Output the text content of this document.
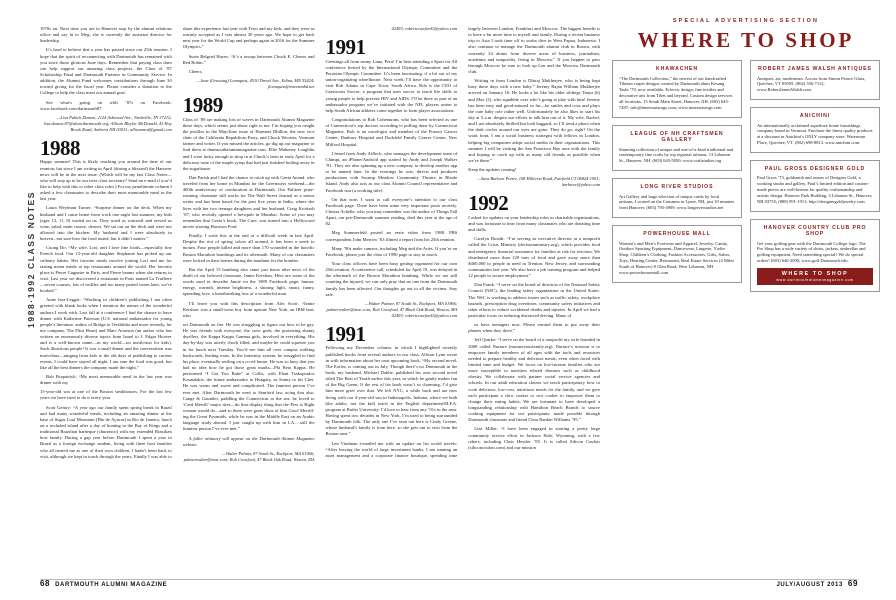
1988·1992 CLASS NOTES

1970s on. Next time you are in Hanover stop by the alumni relations office and say hi to Meg; she is currently the assistant director for leadership.

It’s hard to believe that a year has passed since our 25th reunion. I hope that the spirit of reconnecting with Dartmouth has remained with you since those glorious June days. Remember that paying class dues can help support our amazing class projects, the Class of ’87 Scholarship Fund and Dartmouth Partners in Community Service. In addition, the Alumni Fund welcomes contributions through June 30 toward giving for the fiscal year. Please consider a donation to the College to help the class meet our annual goal.

See what’s going on with ’87s on Facebook: www.facebook.com/dartmouth87.

—Lisa Pukich Damon, 2124 Ashwood Ave., Nashville, TN 37212; lisa.damon.87@alum.dartmouth.org; Allison Bleyler McDonald, 43 Hoy Brook Road, Amherst NH 03031; allisonmcd@gmail.com

1988

Happy summer! This is likely reaching you around the time of our reunion, but since I am writing in April (during a blizzard) the Hanover news will be in the next issue. (Which will be my last Class Notes—who will step up to be our next class secretary? Send an e-mail if you’d like to help with this or other class roles.) For my penultimate column I asked a few classmates to describe their most memorable meal in the last year.

Laura Weylman Turner: “Surprise dinner on the deck. When my husband and I came home from work one night last summer, my kids (ages 13, 11, 8) waited on us. They acted as waitstaff and served us wine, salad, main course, dessert. We sat out on the deck and were not allowed into the kitchen. My husband and I were absolutely in heaven...not sure how the food tasted, but it didn’t matter.”

Cuong Do: “My wife, Lori, and I love fine foods—especially fine French food. Our 13-year-old daughter Stephanie has picked up our culinary habits. Her favorite meals involve joining Lori and me for tasting menu meals at top restaurants around the world. Her favorite place is Pierre Gagnaire in Paris, and Pierre beams when she returns to visit. Last year we discovered a restaurant in Paris named La Truffiere—seven courses, lots of truffles and too many paired wines later, we’re hooked.”

Anne Irza-Leggat: “Working in children’s publishing I am often greeted with blank looks when I mention the names of the wonderful authors I work with. Last fall at a conference I had the chance to have dinner with Katherine Paterson (U.S. national ambassador for young people’s literature, author of Bridge to Terabithia and more recently, for my company, The Flint Heart) and Marc Aronson (an author who has written on enormously diverse topics from Israel to J. Edgar Hoover and is a well-known name—in my world—on nonfiction for kids). Such illustrious people! It was a small dinner and the conversation was marvelous—ranging from kids to the old days of publishing to current events. I could have stayed all night. I am sure the food was good, but like all the best dinners the company made the night.”

Bob Fitzpatrick: “My most memorable meal in the last year was dinner with my

15-year-old son at one of the Boston steakhouses. For the last few years we have tried to do it every year.

Scott Gentry: “A year ago our family spent spring break in Brazil and had many wonderful meals, including an amazing dinner at the base of Sugar Loaf Mountain (Pão de Açúcar) in Rio de Janeiro, lunch on a secluded island after a day of boating in the Bay of Kings and a traditional Brazilian barbeque (churrasco) with my extended Brazilian host family. During a gap year before Dartmouth I spent a year in Brazil as a foreign exchange student, living with three host families who all treated me as one of their own children. I hadn’t been back to visit, although we kept in touch through the years. Finally I was able to share this experience last year with Traci and my kids, and they were as warmly accepted as I was almost 30 years ago. We hope to get back next year for the World Cup and perhaps again in 2016 for the Summer Olympics.”

Susie Belgrad Hayes: “It’s a tossup between Chuck E. Cheese and Red Robin.”

Cheers.

—Jane (Grussing) Lonnquist, 4510 Dresel Ave., Edina, MN 55424; jlonnquist@mwestmbd.net

1989

Class of ’89 are making lots of waves in Dartmouth Alumni Magazine these days, which seems just about right to me. I’m hoping you caught the profiles in the May/June issue of Harmeet Dhillon, the new vice chair of the California Republican Party, and Chuck Wooster, Vermont farmer and writer. If you missed the articles, go dig up our magazine or find them at dartmouthalumnimagazine.com. Ellie Mahoney Loughlin and I were lucky enough to drop in at Chuck’s farm in early April for a delicious taste of the maple syrup that had just finished boiling away in the sugarhouse.

Dan Parish and I had the chance to catch up with Geeta Anand, who traveled from her home in Mumbai for the Greenways weekend—the 400th anniversary of coeducation at Dartmouth. Our Pulitzer prize-winning classmate still works for The Wall Street Journal as a senior writer and has been based for the past five years in India, where she lives with her two teenage daughters and her husband, Craig Kroitzsh ’87, who recently opened a brewpub in Mumbai. Some of you may remember that Geeta’s book, The Cure, was turned into a Hollywood movie starring Harrison Ford.

Finally, I write this at the end of a difficult week in late April. Despite the riot of spring colors all around, it has been a week to mourn. Four people killed and more than 170 wounded in the horrific Boston Marathon bombings and its aftermath. Many of our classmates were locked in their homes during the manhunt for the bomber.

But the April 15 bombing also came just hours after news of the death of our beloved classmate, Jamie Kershaw. Here are some of the words used to describe Jamie on the 1989 Facebook page: humor, energy, warmth, intense brightness, a shining light, smart, funny, spreading love, a heartbreaking loss of a wonderful man.

I’ll leave you with this description from Alec Scott: “Jamie Kershaw was a small-town boy from upstate New York, an IBM brat, who

set Dartmouth on fire. He was struggling to figure out how to be gay. He was friends with everyone, the crew gods, the protesting shanty dwellers, the Kappa Kappa Gamma girls, involved in everything. His day-by-day was utterly chock filled, and maybe he could squeeze you in for lunch next Tuesday. You’d see him all over campus walking backwards, leading tours. In the fraternity system, he struggled to find his place, eventually settling on a co-ed house. He was so busy that you had no idea how he got those great marks—Phi Beta Kappa. He performed “I Got You Babe” at Collis, with Eleni Tsakopoulos Kounalakis, the future ambassador to Hungary, as Sonny to his Cher. He was warm and sweet and complicated. The funniest person I’ve ever met. After Dartmouth he went to Stanford law, acing that also. Cange & Gauntlet, paddling the Connecticut to the sea, he loved to ‘Card Merrill’ major rites—do that display thing that the Pres is Right woman would do—and so there were great shots of him Carol Merrill-ing the Great Pyramids, while he was in the Middle East on an Arabic language study abroad. I just caught up with him in LA.....still the funniest person I’ve ever met.”

A fuller obituary will appear on the Dartmouth Alumni Magazine website.

—Walter Palmer, 87 South St., Rockport, MA 01966; palmerwalter@mac.com; Rob Crawford, 47 Black Oak Road, Weston, MA 02493; robertcrawford1@yahoo.com

1991

Greetings all from sunny Lima, Peru! I’m here attending a Sport for All conference hosted by the International Olympic Committee and the Peruvian Olympic Committee. It’s been fascinating, if a bit out of my union-organizing wheelhouse. Next week I’ll have the opportunity to visit Rob Adams in Cape Town, South Africa. Rob is the CEO of Grassroots Soccer, a program that uses soccer to teach life skills to young people to help prevent HIV and AIDS. I’ll be there as part of an ambassador program we’ve initiated with the NFL players union to help South African athletes come together to form player associations.

Congratulations to Rob Cohenuram, who has been selected as one of Connecticut’s top doctors according to polling done by Connecticut Magazine. Rob is an oncologist and member of the Praxair Cancer Center, Danbury Hospital and Dodsfeld Family Cancer Center, New Milford Hospital.

I heard from Andy Affleck, who manages the development team of Chimpt, an iPhone/Android app started by Andy and Joseph Walker ’91. They are also spinning up a new company to develop another app to be named later. In the evenings he acts, directs and produces productions with Swamp Meadow Community Theatre in Rhode Island. Andy also acts as our class Alumni Council representative and Facebook tsar (a working title).

On that note, I want to call everyone’s attention to our class Facebook page. There have been some very important posts recently. Chrissa Achelle, who you may remember was the author of Things Fall Apart, our pre-Dartmouth summer reading, died this year at the age of 82.

Meg Sommerfeld posted an eerie video from 1988. PBS correspondent John Merrow ’63 filmed a report from his 25th reunion.

Many ’90s make cameos, including Meg and the Aries. If you’re on Facebook, please join the class of 1990 page to stay in touch.

Your class officers have been busy getting organized for our own 25th reunion. A conference call, scheduled for April 19, was delayed in the aftermath of the Boston Marathon bombing. While we are still counting the injured, we can only pray that no one from the Dartmouth family has been affected. Our thoughts go out to all the victims. Stay safe.

—Walter Palmer, 87 South St., Rockport, MA 01966; palmerwalter@mac.com; Rob Crawford, 47 Black Oak Road, Weston, MA 02493; robertcrawford1@yahoo.com

1991

Following my December column, in which I highlighted recently published books from several authors in our class, Allison Lynn wrote in with information about her own upcoming book, “My second novel, The Exiles, is coming out in July. Though there’s no Dartmouth in the book, my husband, Michael Dahlie, published his own second novel titled The Best of Youth earlier this year, in which he gently makes fun of the Big Green. If the rest of his book wasn’t so charming, I’d give him more grief over that. We left NYC, a while back and are now living with our 4-year-old son in Indianapolis, Indiana, where we both (the adults, not the kid) teach in the English department/M.F.A. program at Butler University. I’d love to hear from any ’91s in the area. Having spent two decades in New York, I’m used to being surrounded by Dartmouth folk. The only one I’ve seen out here is Cindy Greene, whose husband’s family is from here, so she gets out to visit from the Boston area.”

Len Vindman e-mailed me with an update on his world travels: “After leaving the world of large investment banks, I am running an asset management and a corporate finance boutique, spending time largely between London, Frankfurt and Moscow. The biggest benefit is to have a bit more time to myself and family. During a recent business trip to Asia I took time off to scuba dive in West Papua, Indonesia. I also continue to manage the Dartmouth alumni club in Russia, with currently 34 alums from diverse areas of business, journalism, academia and nonprofits, living in Moscow.” If you happen to pass through Moscow be sure to look up Len and the Moscow Dartmouth club.

Writing in from London is Dhiraj Mukherjee, who is being kept busy these days with a new baby.” Jeremy Rajan William Mukherjee arrived on January 16. He looks a lot like his older siblings Tanya (6) and Max (3), who squabble over who’s going to play with him! Jeremy has been easy and good-natured so far—he smiles and coos and plays the cute baby role rather well. Unfortunately he also likes to start his day at 5 a.m. despite our efforts to talk him out of it. My wife, Rachel, and I are absolutely thrilled but look haggard, so I’ll send a photo when the dark circles around our eyes are gone. They do go, right? On the work front, I am a social business strategist with fellows in London, helping big companies adopt social media in their organizations. This summer I will be visiting the San Francisco Bay area with the family and hoping to catch up with as many old friends as possible when we’re there.”

Keep the updates coming!

—Sara Burlone Porter, 108 Hillcrest Road, Fairfield CT 06824-1901; barbtree@yahoo.com

1992

I asked for updates on your leadership roles in charitable organizations, and was fortunate to hear from many classmates who are donating time and skills.

Carolyn Biondi: “I’m serving as executive director at a nonprofit called the Crisis Ministry (decisionministry.org), which provides food and emergency financial assistance for families at risk for eviction. We distributed more than 120 tons of food and gave away more than $400,000 to people in need in Trenton, New Jersey, and surrounding communities last year. We also have a job training program and helped 12 people to secure employment.”

Dan Frank: “I serve on the board of directors of the National Safety Council (NSC), the leading safety organization in the United States. The NSC is working to address issues such as traffic safety, workplace hazards, prescription drug overdoses, community safety initiatives and other efforts to reduce accidental deaths and injuries. In April we had a particular focus on reducing distracted driving. Many of

us have teenagers now. Please remind them to put away their phones when they drive.”

Jeff Quirke: “I serve on the board of a nonprofit my wife founded in 2008 called Nurture (nurtureyourfamily.org). Nurture’s mission is to empower family members of all ages with the tools and resources needed to prepare healthy and delicious meals, even when faced with limited time and budget. We focus on low-income families who are more susceptible to nutrition related diseases such as childhood obesity. We collaborate with partner social service agencies and schools. In our adult education classes we teach participatory how to cook delicious, low-cost, nutritious meals for the family, and we give each participant a slow cooker or rice cooker to empower them to change their eating habits. We are fortunate to have developed a longstanding relationship with Hamilton Beach Brands to source cooking equipment for our participants; made possible through Dartmouth classmate and friend Clara Rankin Williams ’95.”

Liza Miller: “I have been engaged in starting a pretty large community service effort in Jackson Hole, Wyoming, with a few others, including Chris Hessler ’85. It is called Silicon Couloir (siliconcouloir.com) and our mission

SPECIAL ADVERTISING SECTION
WHERE TO SHOP
KHAWACHEN
“The Dartmouth Collection,” the newest of our handcrafted Tibetan carpet designs created by Dartmouth alum Kesang Tashi ’70, now available. Eclectic design, fine textiles and decorative arts from Tibet and beyond. Custom design services all locations. 15 South Main Street, Hanover, NH. (603) 643-7487; info@innersarisrugs.com; www.innerasisrugs.com
LEAGUE OF NH CRAFTSMEN GALLERY
Stunning collection of unique and one-of-a-kind traditional and contemporary fine crafts by top regional artisans. 13 Lebanon St., Hanover, NH. (603) 643-5050; www.craftstudies.org
LONG RIVER STUDIOS
Art Gallery and large selection of unique crafts by local artisans. Located on the Common in Lyme, NH, just 10 minutes from Hanover. (603) 795-4909; www.longriverstudios.net
POWERHOUSE MALL
Women’s and Men’s Footwear and Apparel, Jewelry, Candy, Outdoor Sporting Equipment, Dancewear, Lingerie, Violin Shop, Children’s Clothing, Fashion Accessories, Gifts, Salon, Toys, Hearing Center, Restaurant, Real Estate Services (4 Miles South of Hanover) 8 Glen Road, West Lebanon, NH www.powerhousemall.com
ROBERT JAMES WALSH ANTIQUES
Antiques, art, modernism. Across from Simon Pearce Glass, Quechee, VT 05059. (802) 356-7112; www.RobertJamesWalsh.com.
ANICHINI
An internationally acclaimed superluxe home furnishings company based in Vermont. Purchase the finest quality products at a discount in Anichini’s ONLY company store. Waterman Place, Quechee, VT. (802) 698-8813. www.anichini.com.
PAUL GROSS DESIGNER GOLD
Paul Gross ’73, goldsmith and owner of Designer Gold, a working studio and gallery. Paul’s limited edition and custom-made pieces are well-known for quality craftsmanship and artistic design. Hanover Park Building, 3 Lebanon St., Hanover, NH 03755; (888) 991-1911; http://designergoldjewelry.com.
HANOVER COUNTRY CLUB PRO SHOP
Get your golfing gear with the Dartmouth College logo. The Pro Shop has a wide variety of shirts, jackets, umbrellas and golfing equipment. Need something special? We do special orders! (603) 646-2000; www.golf.Dartmouth.edu.
WHERE TO SHOP
www.dartmouthalumnimagazine.com
68 DARTMOUTH ALUMNI MAGAZINE	JULY/AUGUST 2013 69
